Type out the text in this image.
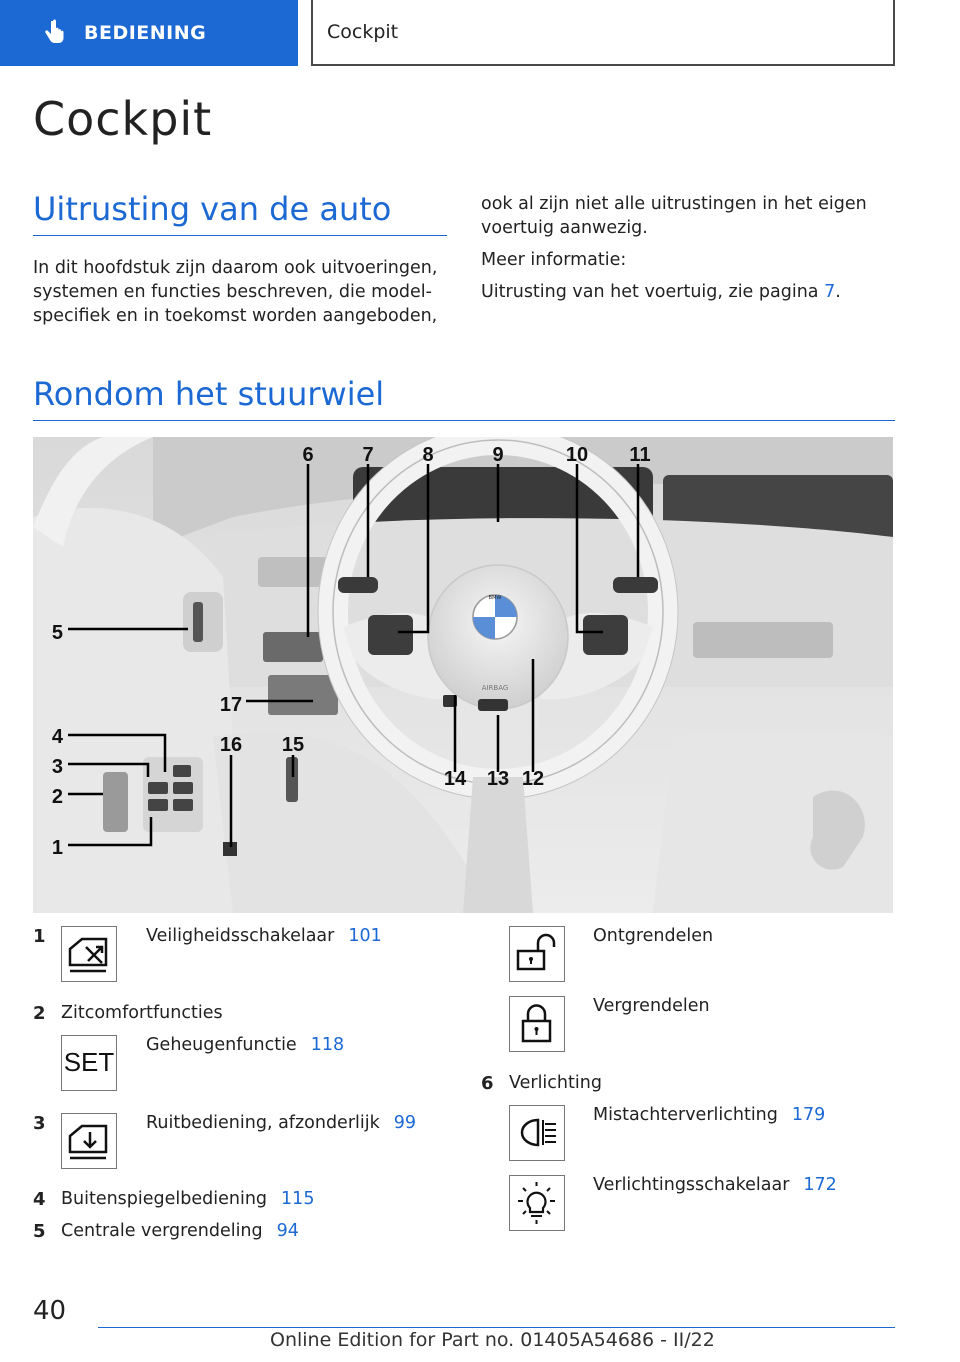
BEDIENING	Cockpit
Cockpit
Uitrusting van de auto

In dit hoofdstuk zijn daarom ook uitvoeringen, systemen en functies beschreven, die model-specifiek en in toekomst worden aangeboden,

ook al zijn niet alle uitrustingen in het eigen voertuig aanwezig.

Meer informatie:

Uitrusting van het voertuig, zie pagina 7.

Rondom het stuurwiel
BMW
AIRBAG
5
4
3
2
1
6 7 8	9	10 11
12
13
14
15
16
17
1	Veiligheidsschakelaar 101
2 Zitcomfortfuncties
SET
Geheugenfunctie 118
3	Ruitbediening, afzonderlijk 99
4 Buitenspiegelbediening 115
5 Centrale vergrendeling 94
Ontgrendelen
Vergrendelen
6 Verlichting
Mistachterverlichting 179
Verlichtingsschakelaar 172
40
Online Edition for Part no. 01405A54686 - II/22
